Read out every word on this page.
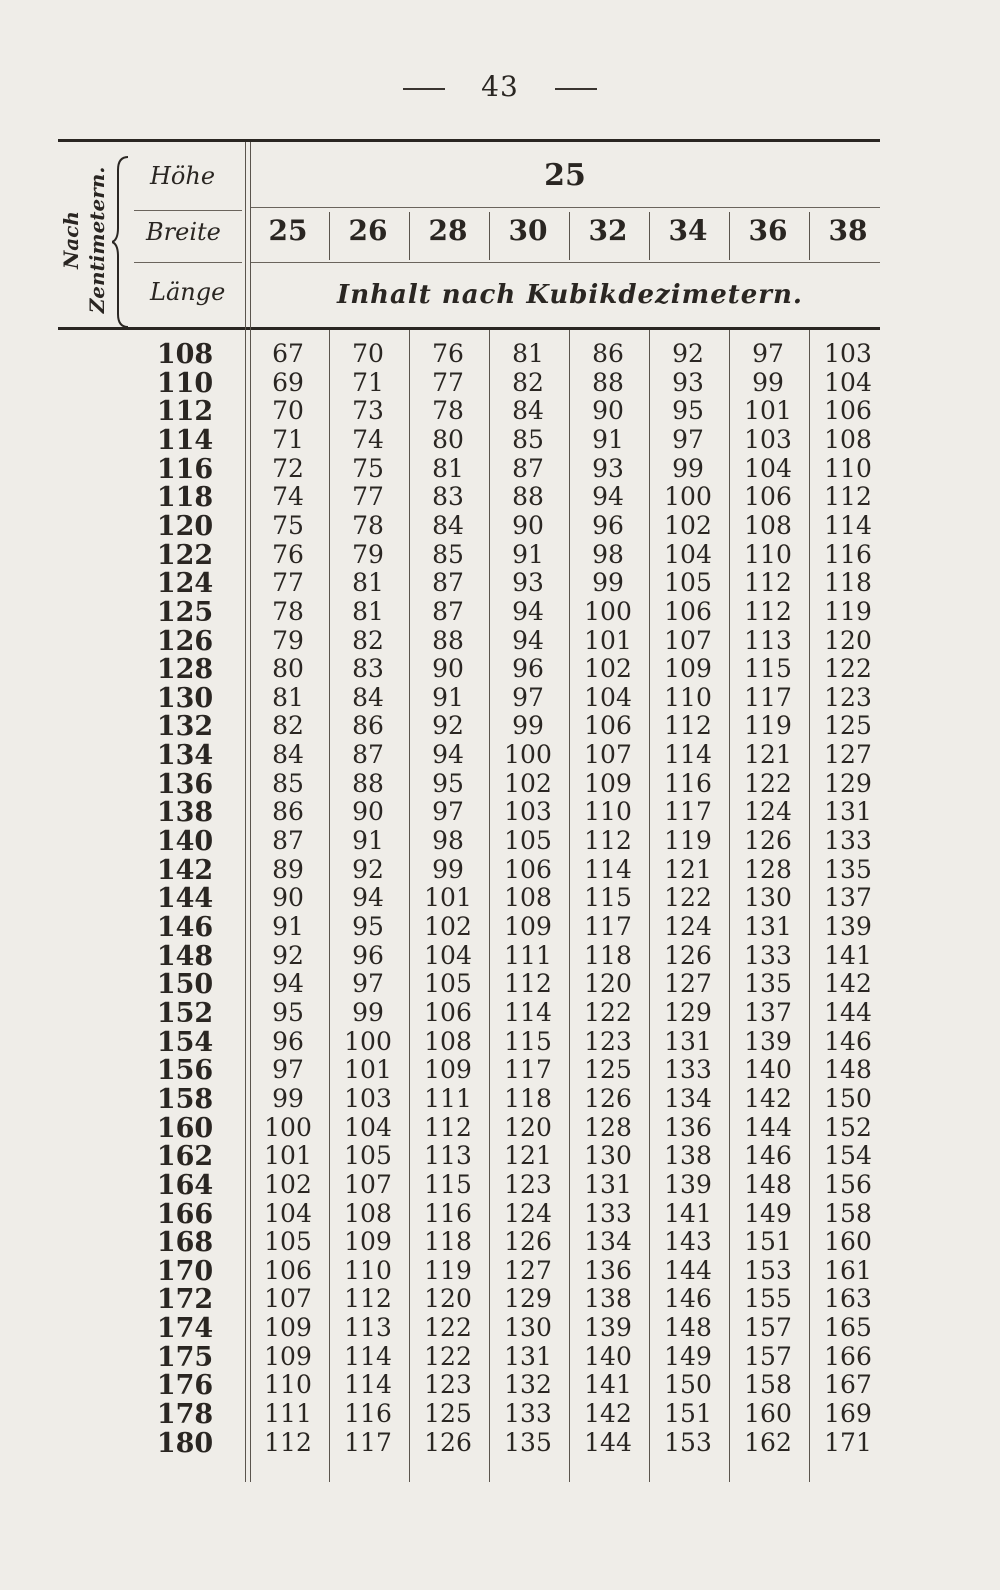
43
Nach Zentimetern. Höhe
Breite
Länge
25
25	26	28	30	32	34	36	38
Inhalt nach Kubikdezimetern.
108	67	70	76	81	86	92	97	103
110	69	71	77	82	88	93	99	104
112	70	73	78	84	90	95	101	106
114	71	74	80	85	91	97	103	108
116	72	75	81	87	93	99	104	110
118	74	77	83	88	94	100	106	112
120	75	78	84	90	96	102	108	114
122	76	79	85	91	98	104	110	116
124	77	81	87	93	99	105	112	118
125	78	81	87	94	100	106	112	119
126	79	82	88	94	101	107	113	120
128	80	83	90	96	102	109	115	122
130	81	84	91	97	104	110	117	123
132	82	86	92	99	106	112	119	125
134	84	87	94	100	107	114	121	127
136	85	88	95	102	109	116	122	129
138	86	90	97	103	110	117	124	131
140	87	91	98	105	112	119	126	133
142	89	92	99	106	114	121	128	135
144	90	94	101	108	115	122	130	137
146	91	95	102	109	117	124	131	139
148	92	96	104	111	118	126	133	141
150	94	97	105	112	120	127	135	142
152	95	99	106	114	122	129	137	144
154	96	100	108	115	123	131	139	146
156	97	101	109	117	125	133	140	148
158	99	103	111	118	126	134	142	150
160	100	104	112	120	128	136	144	152
162	101	105	113	121	130	138	146	154
164	102	107	115	123	131	139	148	156
166	104	108	116	124	133	141	149	158
168	105	109	118	126	134	143	151	160
170	106	110	119	127	136	144	153	161
172	107	112	120	129	138	146	155	163
174	109	113	122	130	139	148	157	165
175	109	114	122	131	140	149	157	166
176	110	114	123	132	141	150	158	167
178	111	116	125	133	142	151	160	169
180	112	117	126	135	144	153	162	171
